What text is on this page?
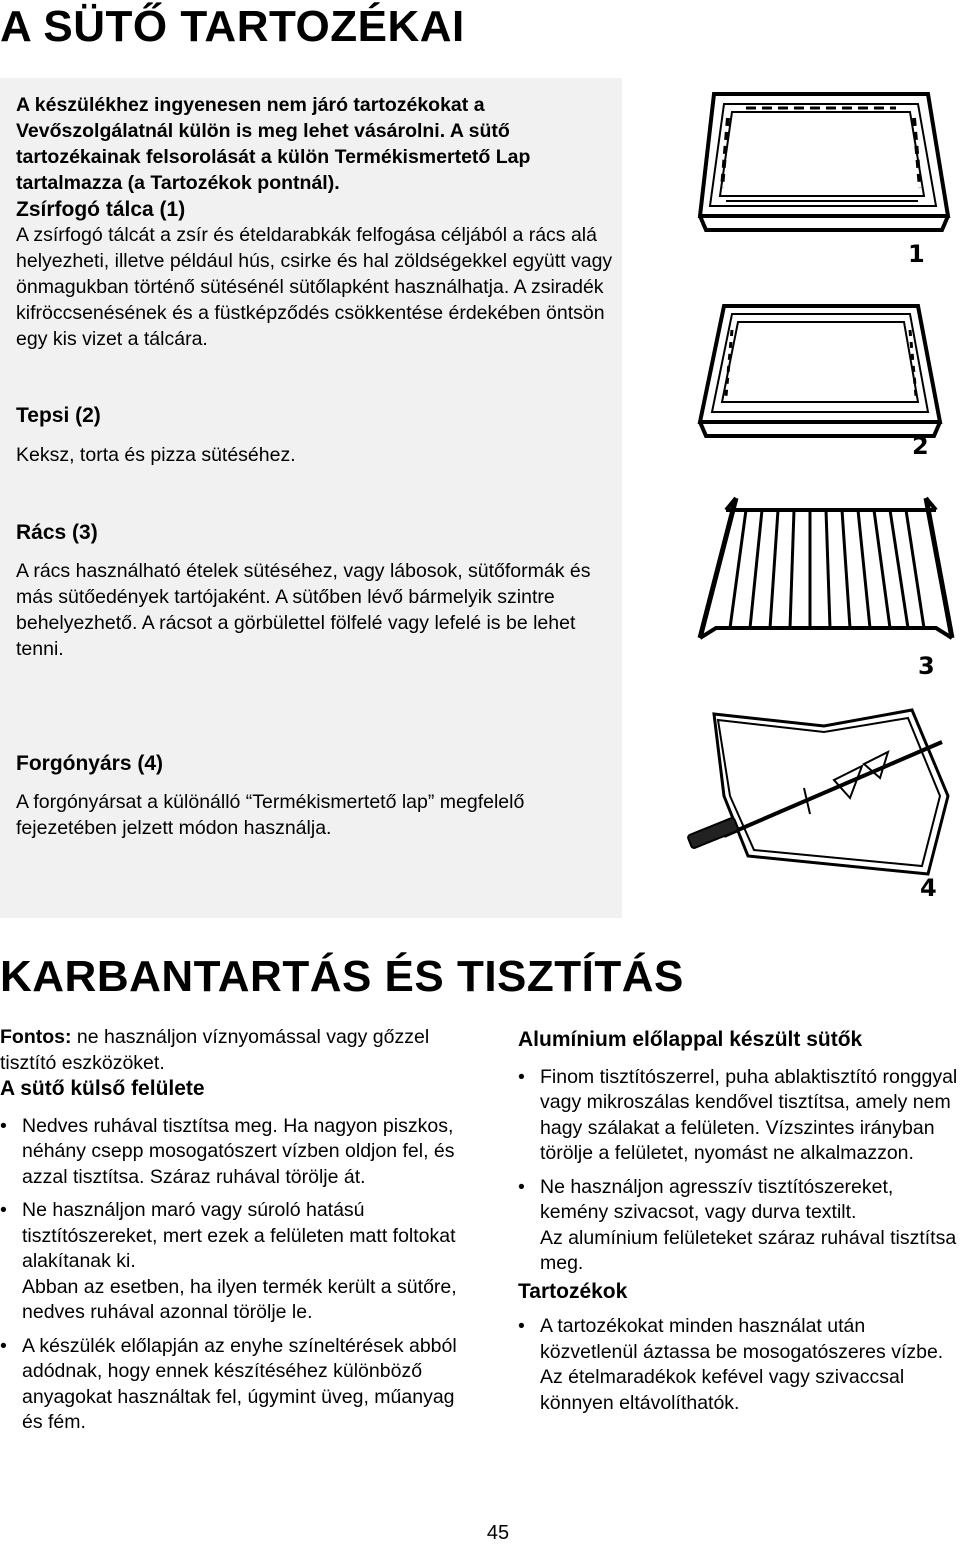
A SÜTŐ TARTOZÉKAI
A készülékhez ingyenesen nem járó tartozékokat a Vevőszolgálatnál külön is meg lehet vásárolni. A sütő tartozékainak felsorolását a külön Termékismertető Lap tartalmazza (a Tartozékok pontnál).
Zsírfogó tálca (1)
A zsírfogó tálcát a zsír és ételdarabkák felfogása céljából a rács alá helyezheti, illetve például hús, csirke és hal zöldségekkel együtt vagy önmagukban történő sütésénél sütőlapként használhatja. A zsiradék kifröccsenésének és a füstképződés csökkentése érdekében öntsön egy kis vizet a tálcára.
Tepsi (2)
Keksz, torta és pizza sütéséhez.
Rács (3)
A rács használható ételek sütéséhez, vagy lábosok, sütőformák és más sütőedények tartójaként. A sütőben lévő bármelyik szintre behelyezhető. A rácsot a görbülettel fölfelé vagy lefelé is be lehet tenni.
Forgónyárs (4)
A forgónyársat a különálló “Termékismertető lap” megfelelő fejezetében jelzett módon használja.
1
2
3
4
KARBANTARTÁS ÉS TISZTÍTÁS
Fontos: ne használjon víznyomással vagy gőzzel tisztító eszközöket.
A sütő külső felülete
• Nedves ruhával tisztítsa meg. Ha nagyon piszkos, néhány csepp mosogatószert vízben oldjon fel, és azzal tisztítsa. Száraz ruhával törölje át.
• Ne használjon maró vagy súroló hatású tisztítószereket, mert ezek a felületen matt foltokat alakítanak ki.
Abban az esetben, ha ilyen termék került a sütőre, nedves ruhával azonnal törölje le.
• A készülék előlapján az enyhe színeltérések abból adódnak, hogy ennek készítéséhez különböző anyagokat használtak fel, úgymint üveg, műanyag és fém.
Alumínium előlappal készült sütők
• Finom tisztítószerrel, puha ablaktisztító ronggyal vagy mikroszálas kendővel tisztítsa, amely nem hagy szálakat a felületen. Vízszintes irányban törölje a felületet, nyomást ne alkalmazzon.
• Ne használjon agresszív tisztítószereket, kemény szivacsot, vagy durva textilt.
Az alumínium felületeket száraz ruhával tisztítsa meg.
Tartozékok
• A tartozékokat minden használat után közvetlenül áztassa be mosogatószeres vízbe. Az ételmaradékok kefével vagy szivaccsal könnyen eltávolíthatók.
45
